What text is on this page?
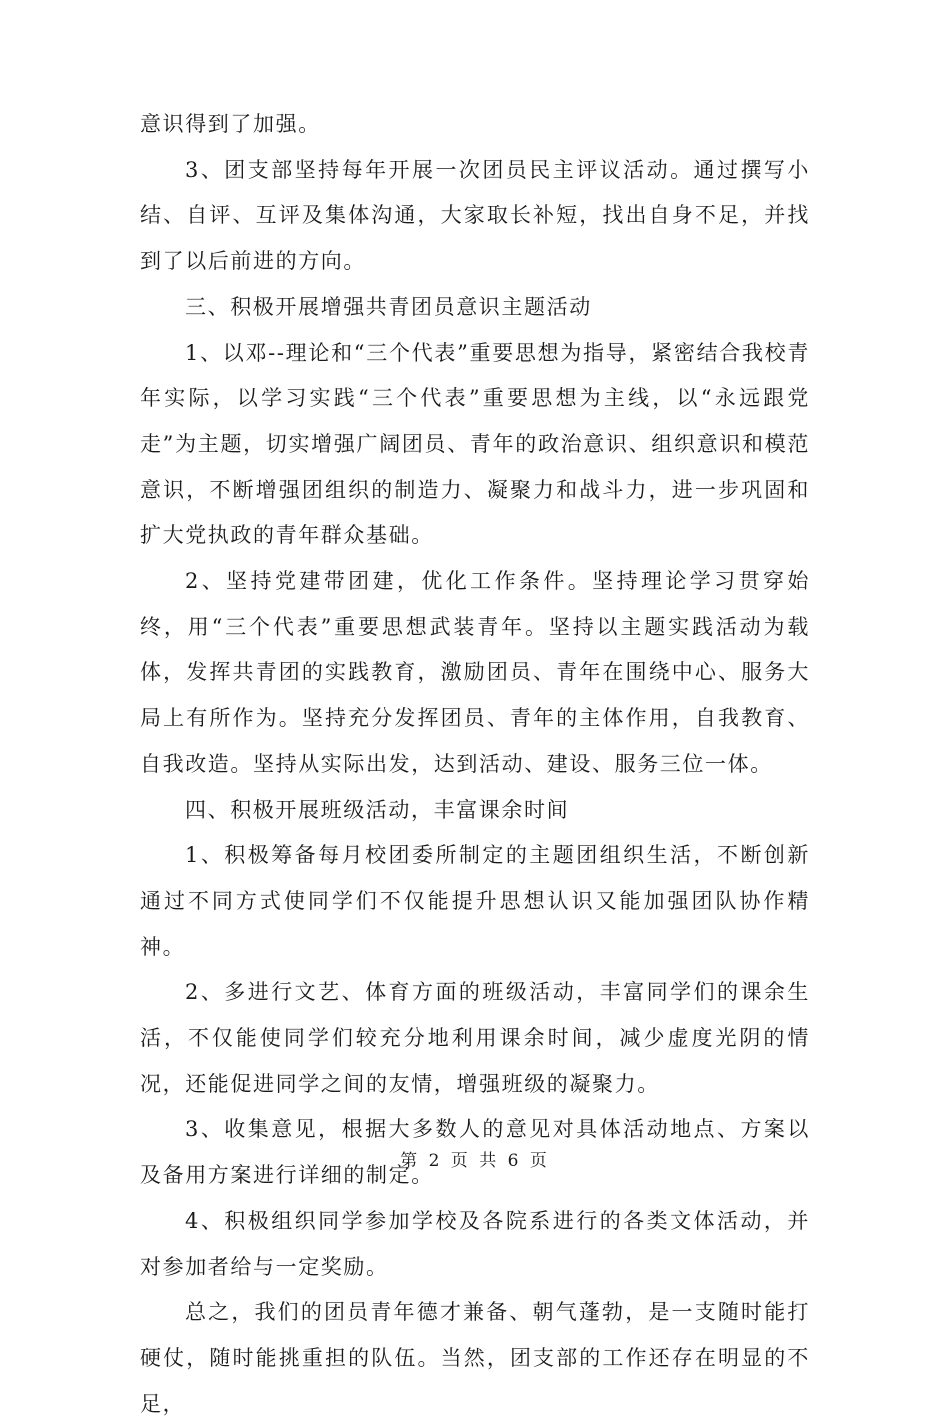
意识得到了加强。

3、团支部坚持每年开展一次团员民主评议活动。通过撰写小结、自评、互评及集体沟通，大家取长补短，找出自身不足，并找到了以后前进的方向。

三、积极开展增强共青团员意识主题活动

1、以邓--理论和“三个代表”重要思想为指导，紧密结合我校青年实际，以学习实践“三个代表”重要思想为主线，以“永远跟党走”为主题，切实增强广阔团员、青年的政治意识、组织意识和模范意识，不断增强团组织的制造力、凝聚力和战斗力，进一步巩固和扩大党执政的青年群众基础。

2、坚持党建带团建，优化工作条件。坚持理论学习贯穿始终，用“三个代表”重要思想武装青年。坚持以主题实践活动为载体，发挥共青团的实践教育，激励团员、青年在围绕中心、服务大局上有所作为。坚持充分发挥团员、青年的主体作用，自我教育、自我改造。坚持从实际出发，达到活动、建设、服务三位一体。

四、积极开展班级活动，丰富课余时间

1、积极筹备每月校团委所制定的主题团组织生活，不断创新通过不同方式使同学们不仅能提升思想认识又能加强团队协作精神。

2、多进行文艺、体育方面的班级活动，丰富同学们的课余生活，不仅能使同学们较充分地利用课余时间，减少虚度光阴的情况，还能促进同学之间的友情，增强班级的凝聚力。

3、收集意见，根据大多数人的意见对具体活动地点、方案以及备用方案进行详细的制定。

4、积极组织同学参加学校及各院系进行的各类文体活动，并对参加者给与一定奖励。

总之，我们的团员青年德才兼备、朝气蓬勃，是一支随时能打硬仗，随时能挑重担的队伍。当然，团支部的工作还存在明显的不足，

第 2 页 共 6 页
